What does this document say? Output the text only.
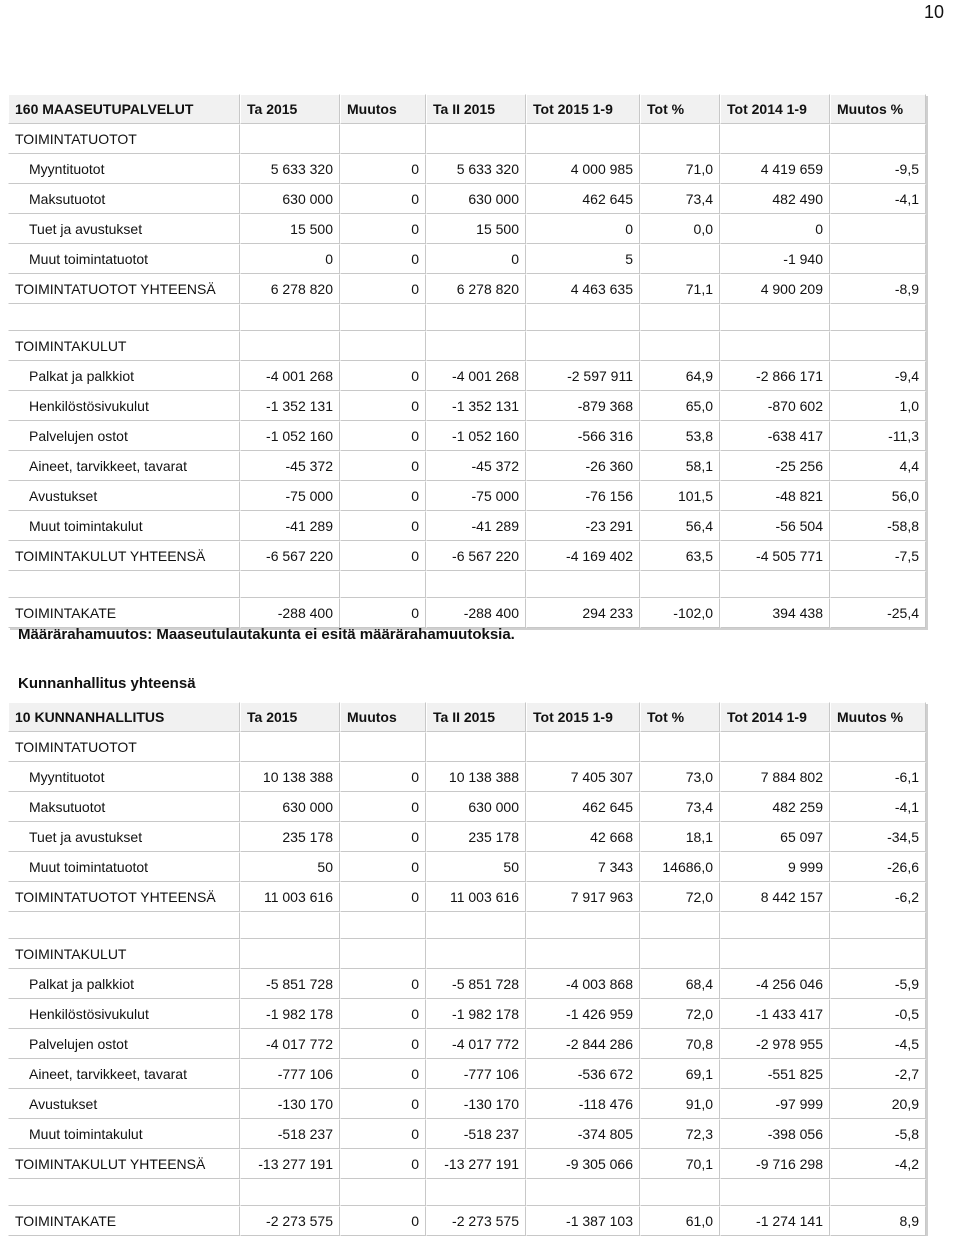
10
160 MAASEUTUPALVELUT	Ta 2015	Muutos	Ta II 2015	Tot 2015 1-9	Tot %	Tot 2014 1-9	Muutos %
TOIMINTATUOTOT							
Myyntituotot	5 633 320	0	5 633 320	4 000 985	71,0	4 419 659	-9,5
Maksutuotot	630 000	0	630 000	462 645	73,4	482 490	-4,1
Tuet ja avustukset	15 500	0	15 500	0	0,0	0	
Muut toimintatuotot	0	0	0	5		-1 940	
TOIMINTATUOTOT YHTEENSÄ	6 278 820	0	6 278 820	4 463 635	71,1	4 900 209	-8,9

TOIMINTAKULUT							
Palkat ja palkkiot	-4 001 268	0	-4 001 268	-2 597 911	64,9	-2 866 171	-9,4
Henkilöstösivukulut	-1 352 131	0	-1 352 131	-879 368	65,0	-870 602	1,0
Palvelujen ostot	-1 052 160	0	-1 052 160	-566 316	53,8	-638 417	-11,3
Aineet, tarvikkeet, tavarat	-45 372	0	-45 372	-26 360	58,1	-25 256	4,4
Avustukset	-75 000	0	-75 000	-76 156	101,5	-48 821	56,0
Muut toimintakulut	-41 289	0	-41 289	-23 291	56,4	-56 504	-58,8
TOIMINTAKULUT YHTEENSÄ	-6 567 220	0	-6 567 220	-4 169 402	63,5	-4 505 771	-7,5

TOIMINTAKATE	-288 400	0	-288 400	294 233	-102,0	394 438	-25,4
Määrärahamuutos: Maaseutulautakunta ei esitä määrärahamuutoksia.
Kunnanhallitus yhteensä
10 KUNNANHALLITUS	Ta 2015	Muutos	Ta II 2015	Tot 2015 1-9	Tot %	Tot 2014 1-9	Muutos %
TOIMINTATUOTOT							
Myyntituotot	10 138 388	0	10 138 388	7 405 307	73,0	7 884 802	-6,1
Maksutuotot	630 000	0	630 000	462 645	73,4	482 259	-4,1
Tuet ja avustukset	235 178	0	235 178	42 668	18,1	65 097	-34,5
Muut toimintatuotot	50	0	50	7 343	14686,0	9 999	-26,6
TOIMINTATUOTOT YHTEENSÄ	11 003 616	0	11 003 616	7 917 963	72,0	8 442 157	-6,2

TOIMINTAKULUT							
Palkat ja palkkiot	-5 851 728	0	-5 851 728	-4 003 868	68,4	-4 256 046	-5,9
Henkilöstösivukulut	-1 982 178	0	-1 982 178	-1 426 959	72,0	-1 433 417	-0,5
Palvelujen ostot	-4 017 772	0	-4 017 772	-2 844 286	70,8	-2 978 955	-4,5
Aineet, tarvikkeet, tavarat	-777 106	0	-777 106	-536 672	69,1	-551 825	-2,7
Avustukset	-130 170	0	-130 170	-118 476	91,0	-97 999	20,9
Muut toimintakulut	-518 237	0	-518 237	-374 805	72,3	-398 056	-5,8
TOIMINTAKULUT YHTEENSÄ	-13 277 191	0	-13 277 191	-9 305 066	70,1	-9 716 298	-4,2

TOIMINTAKATE	-2 273 575	0	-2 273 575	-1 387 103	61,0	-1 274 141	8,9
